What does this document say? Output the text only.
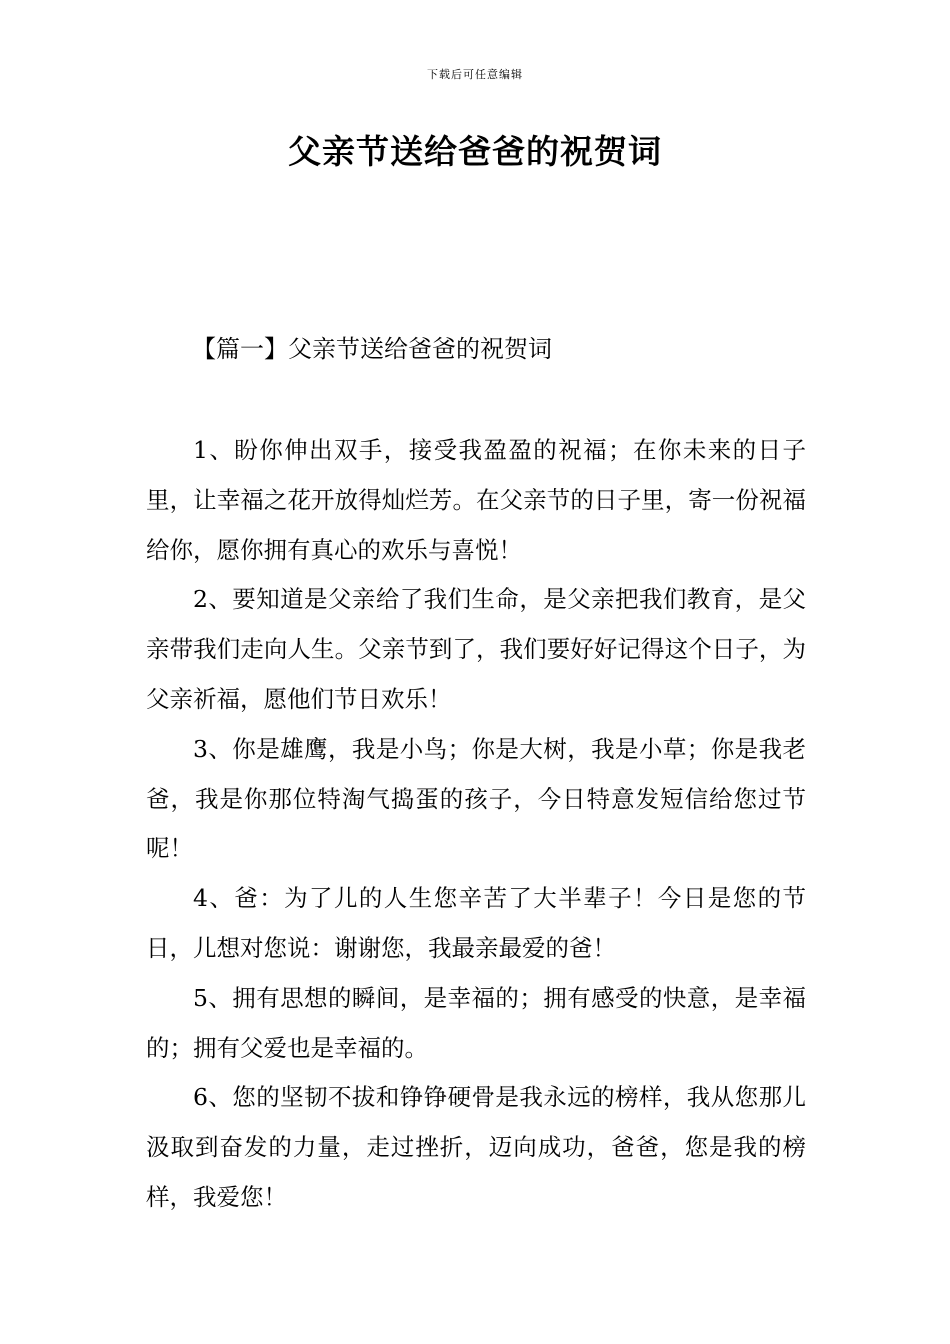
下载后可任意编辑
父亲节送给爸爸的祝贺词
【篇一】父亲节送给爸爸的祝贺词

1、盼你伸出双手，接受我盈盈的祝福；在你未来的日子里，让幸福之花开放得灿烂芳。在父亲节的日子里，寄一份祝福给你，愿你拥有真心的欢乐与喜悦！

2、要知道是父亲给了我们生命，是父亲把我们教育，是父亲带我们走向人生。父亲节到了，我们要好好记得这个日子，为父亲祈福，愿他们节日欢乐！

3、你是雄鹰，我是小鸟；你是大树，我是小草；你是我老爸，我是你那位特淘气捣蛋的孩子，今日特意发短信给您过节呢！

4、爸：为了儿的人生您辛苦了大半辈子！今日是您的节日，儿想对您说：谢谢您，我最亲最爱的爸！

5、拥有思想的瞬间，是幸福的；拥有感受的快意，是幸福的；拥有父爱也是幸福的。

6、您的坚韧不拔和铮铮硬骨是我永远的榜样，我从您那儿汲取到奋发的力量，走过挫折，迈向成功，爸爸，您是我的榜样，我爱您！
